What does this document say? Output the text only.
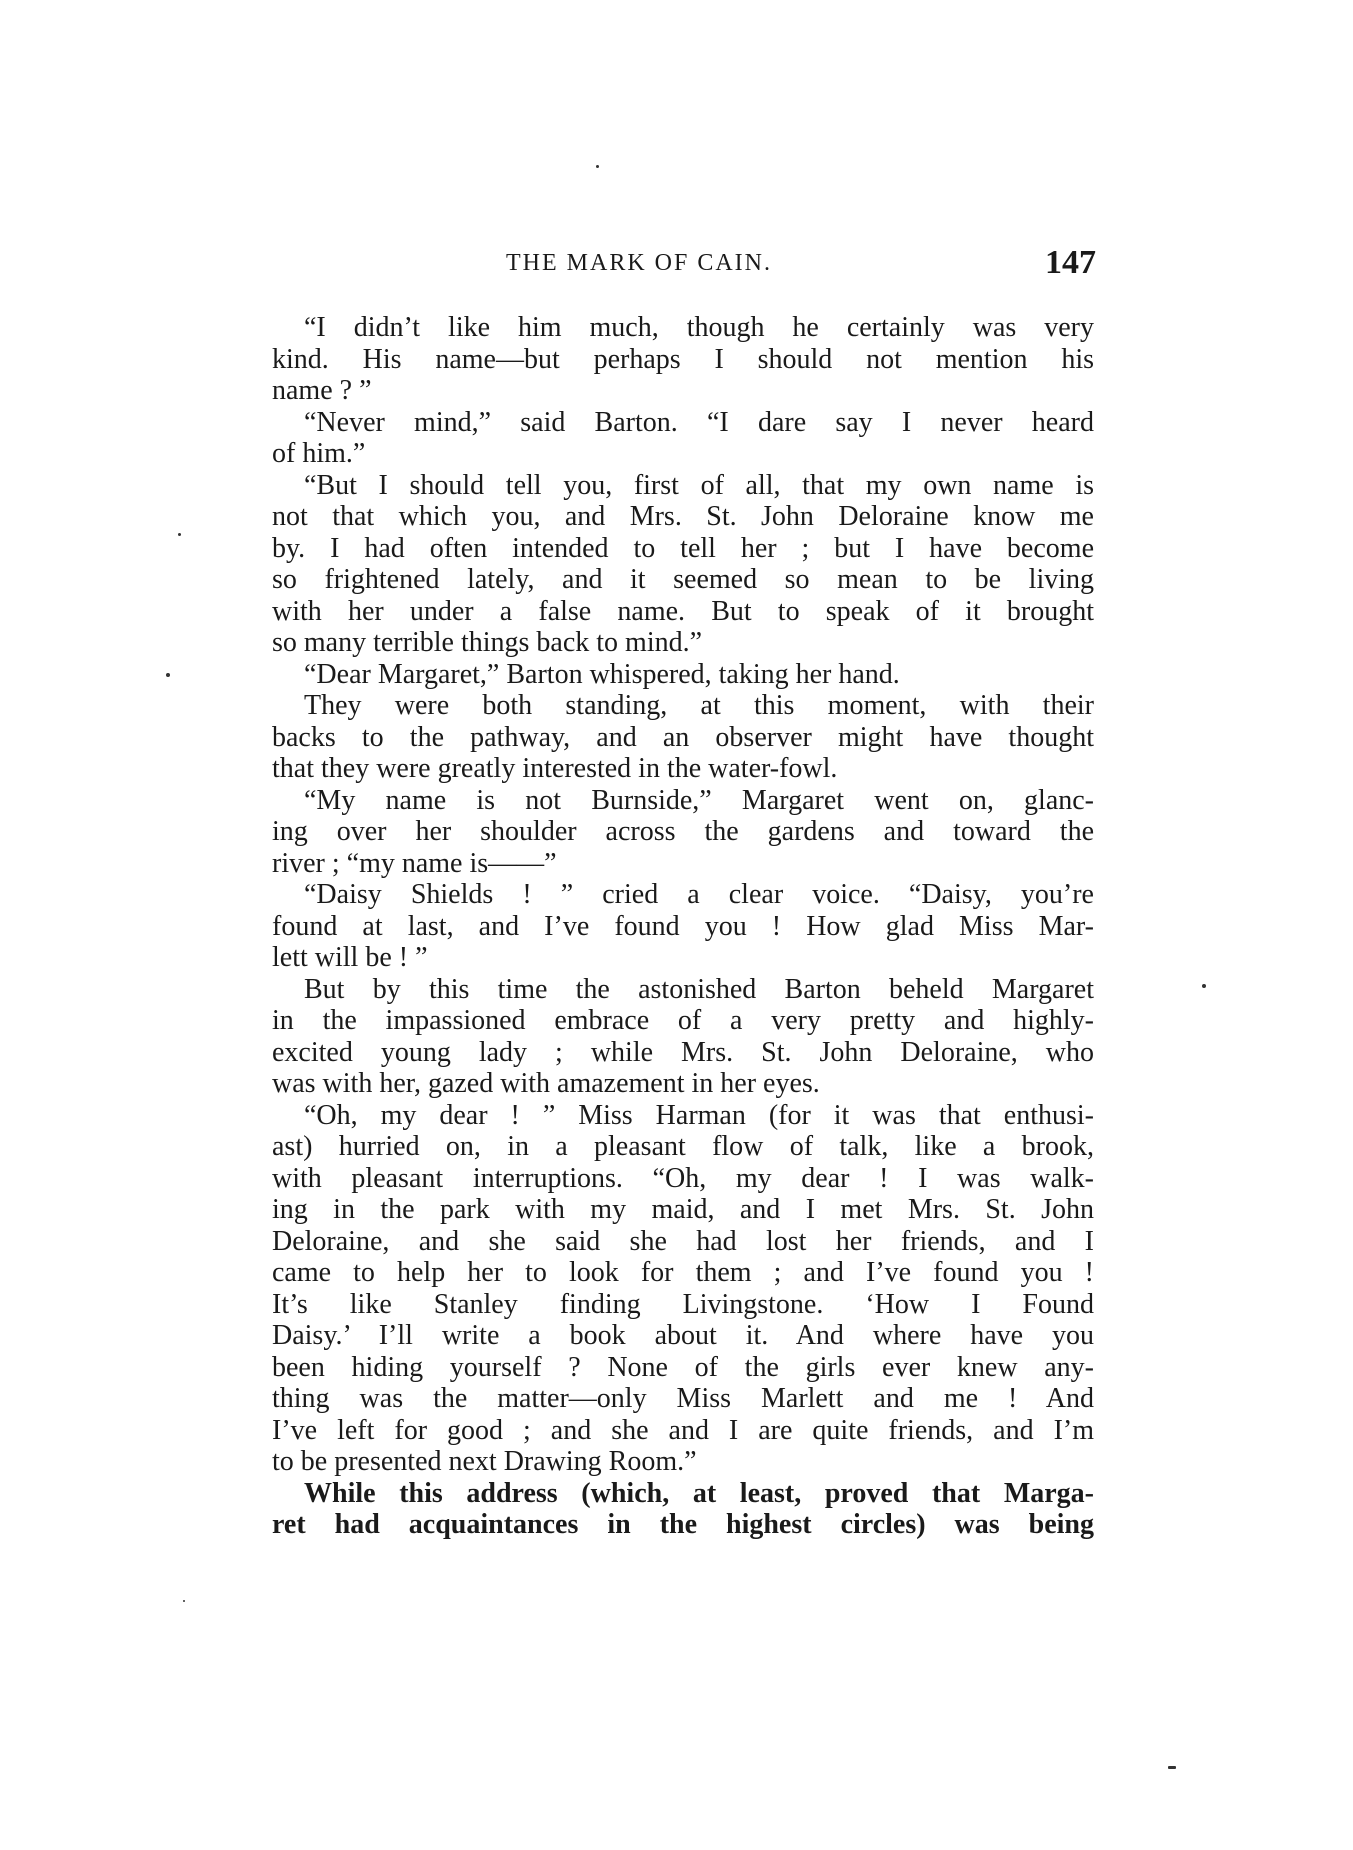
THE MARK OF CAIN.	147
“I didn’t like him much, though he certainly was very
kind. His name—but perhaps I should not mention his
name ? ”
“Never mind,” said Barton. “I dare say I never heard
of him.”
“But I should tell you, first of all, that my own name is
not that which you, and Mrs. St. John Deloraine know me
by. I had often intended to tell her ; but I have become
so frightened lately, and it seemed so mean to be living
with her under a false name. But to speak of it brought
so many terrible things back to mind.”
“Dear Margaret,” Barton whispered, taking her hand.
They were both standing, at this moment, with their
backs to the pathway, and an observer might have thought
that they were greatly interested in the water-fowl.
“My name is not Burnside,” Margaret went on, glanc-
ing over her shoulder across the gardens and toward the
river ; “my name is——”
“Daisy Shields ! ” cried a clear voice. “Daisy, you’re
found at last, and I’ve found you ! How glad Miss Mar-
lett will be ! ”
But by this time the astonished Barton beheld Margaret
in the impassioned embrace of a very pretty and highly-
excited young lady ; while Mrs. St. John Deloraine, who
was with her, gazed with amazement in her eyes.
“Oh, my dear ! ” Miss Harman (for it was that enthusi-
ast) hurried on, in a pleasant flow of talk, like a brook,
with pleasant interruptions. “Oh, my dear ! I was walk-
ing in the park with my maid, and I met Mrs. St. John
Deloraine, and she said she had lost her friends, and I
came to help her to look for them ; and I’ve found you !
It’s like Stanley finding Livingstone. ‘How I Found
Daisy.’ I’ll write a book about it. And where have you
been hiding yourself ? None of the girls ever knew any-
thing was the matter—only Miss Marlett and me ! And
I’ve left for good ; and she and I are quite friends, and I’m
to be presented next Drawing Room.”
While this address (which, at least, proved that Marga-
ret had acquaintances in the highest circles) was being
